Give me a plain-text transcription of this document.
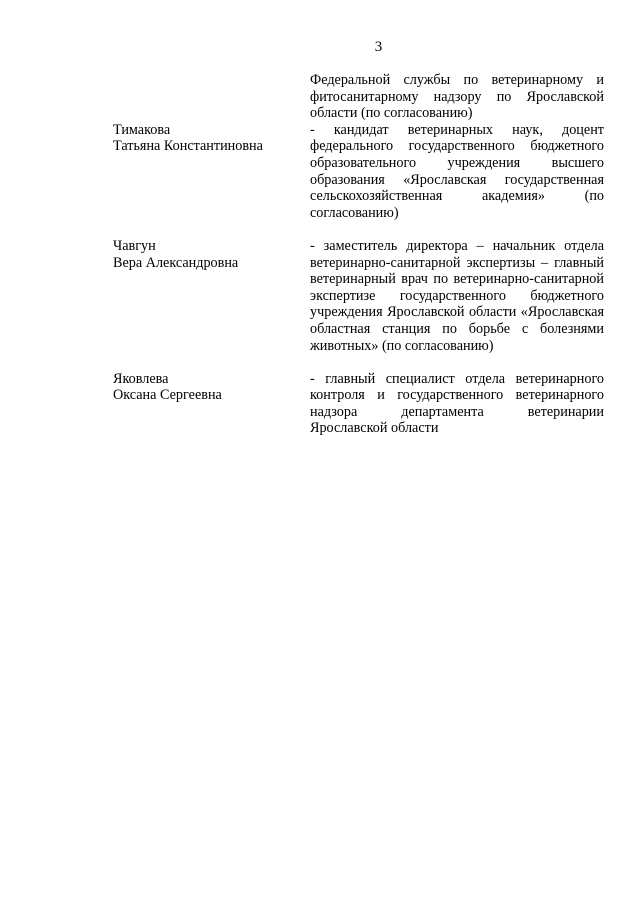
3
Федеральной службы по ветеринарному и фитосанитарному надзору по Ярославской области (по согласованию)
Тимакова
Татьяна Константиновна
- кандидат ветеринарных наук, доцент федерального государственного бюджетного образовательного учреждения высшего образования «Ярославская государственная сельскохозяйственная академия» (по согласованию)
Чавгун
Вера Александровна
- заместитель директора – начальник отдела ветеринарно-санитарной экспертизы – главный ветеринарный врач по ветеринарно-санитарной экспертизе государственного бюджетного учреждения Ярославской области «Ярославская областная станция по борьбе с болезнями животных» (по согласованию)
Яковлева
Оксана Сергеевна
- главный специалист отдела ветеринарного контроля и государственного ветеринарного надзора департамента ветеринарии Ярославской области
